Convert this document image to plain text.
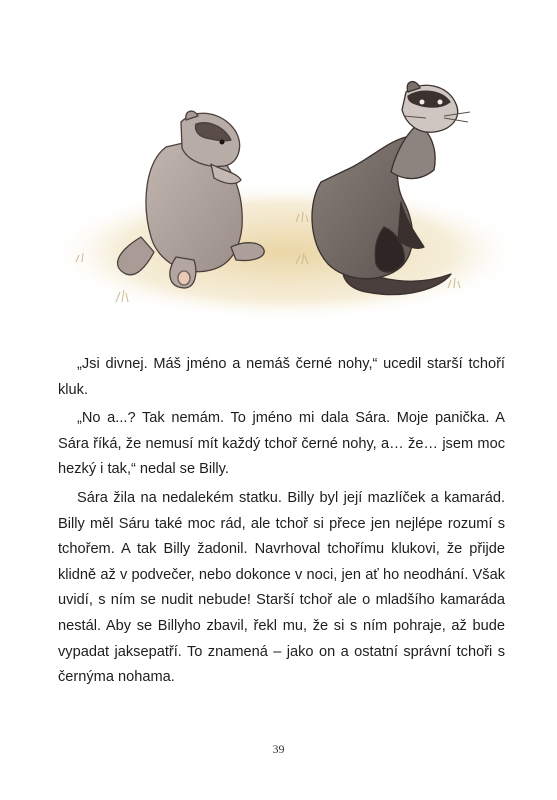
„Jsi divnej. Máš jméno a nemáš černé nohy,“ ucedil starší tchoří kluk.

„No a...? Tak nemám. To jméno mi dala Sára. Moje panička. A Sára říká, že nemusí mít každý tchoř černé nohy, a… že… jsem moc hezký i tak,“ nedal se Billy.

Sára žila na nedalekém statku. Billy byl její mazlíček a kamarád. Billy měl Sáru také moc rád, ale tchoř si přece jen nejlépe rozumí s tchořem. A tak Billy žadonil. Navrhoval tchořímu klukovi, že přijde klidně až v podvečer, nebo dokonce v noci, jen ať ho neodhání. Však uvidí, s ním se nudit nebude! Starší tchoř ale o mladšího kamaráda nestál. Aby se Billyho zbavil, řekl mu, že si s ním pohraje, až bude vypadat jaksepatří. To znamená – jako on a ostatní správní tchoři s černýma nohama.

39
